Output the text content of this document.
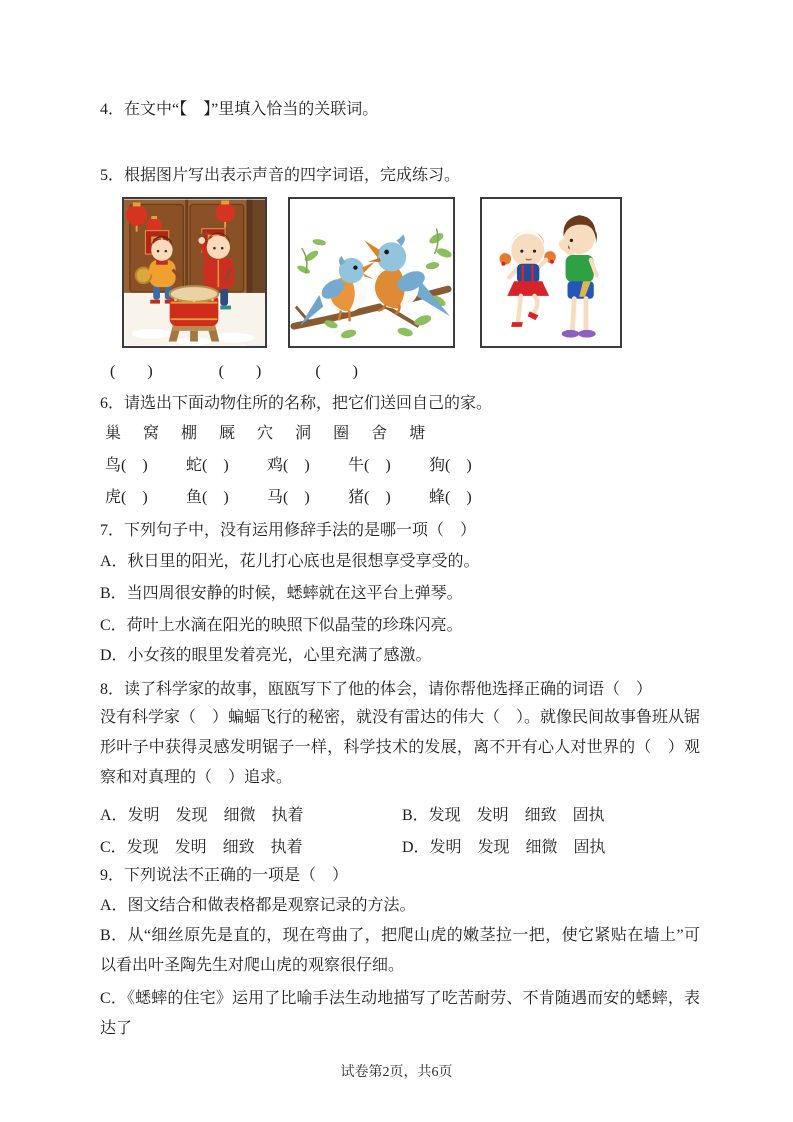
4．在文中“【　】”里填入恰当的关联词。
5．根据图片写出表示声音的四字词语，完成练习。
(　　)	(　　)	(　　)
6．请选出下面动物住所的名称，把它们送回自己的家。
巢 窝 棚 厩 穴 洞 圈 舍 塘
鸟(　) 蛇(　) 鸡(　) 牛(　) 狗(　)
虎(　) 鱼(　) 马(　) 猪(　) 蜂(　)
7．下列句子中，没有运用修辞手法的是哪一项（　）
A．秋日里的阳光，花儿打心底也是很想享受享受的。
B．当四周很安静的时候，蟋蟀就在这平台上弹琴。
C．荷叶上水滴在阳光的映照下似晶莹的珍珠闪亮。
D．小女孩的眼里发着亮光，心里充满了感激。
8．读了科学家的故事，瓯瓯写下了他的体会，请你帮他选择正确的词语（　）
没有科学家（　）蝙蝠飞行的秘密，就没有雷达的伟大（　）。就像民间故事鲁班从锯形叶子中获得灵感发明锯子一样，科学技术的发展，离不开有心人对世界的（　）观察和对真理的（　）追求。
A．发明　发现　细微　执着	B．发现　发明　细致　固执
C．发现　发明　细致　执着	D．发明　发现　细微　固执
9．下列说法不正确的一项是（　）
A．图文结合和做表格都是观察记录的方法。
B．从“细丝原先是直的，现在弯曲了，把爬山虎的嫩茎拉一把，使它紧贴在墙上”可以看出叶圣陶先生对爬山虎的观察很仔细。
C．《蟋蟀的住宅》运用了比喻手法生动地描写了吃苦耐劳、不肯随遇而安的蟋蟀，表达了
试卷第2页，共6页
